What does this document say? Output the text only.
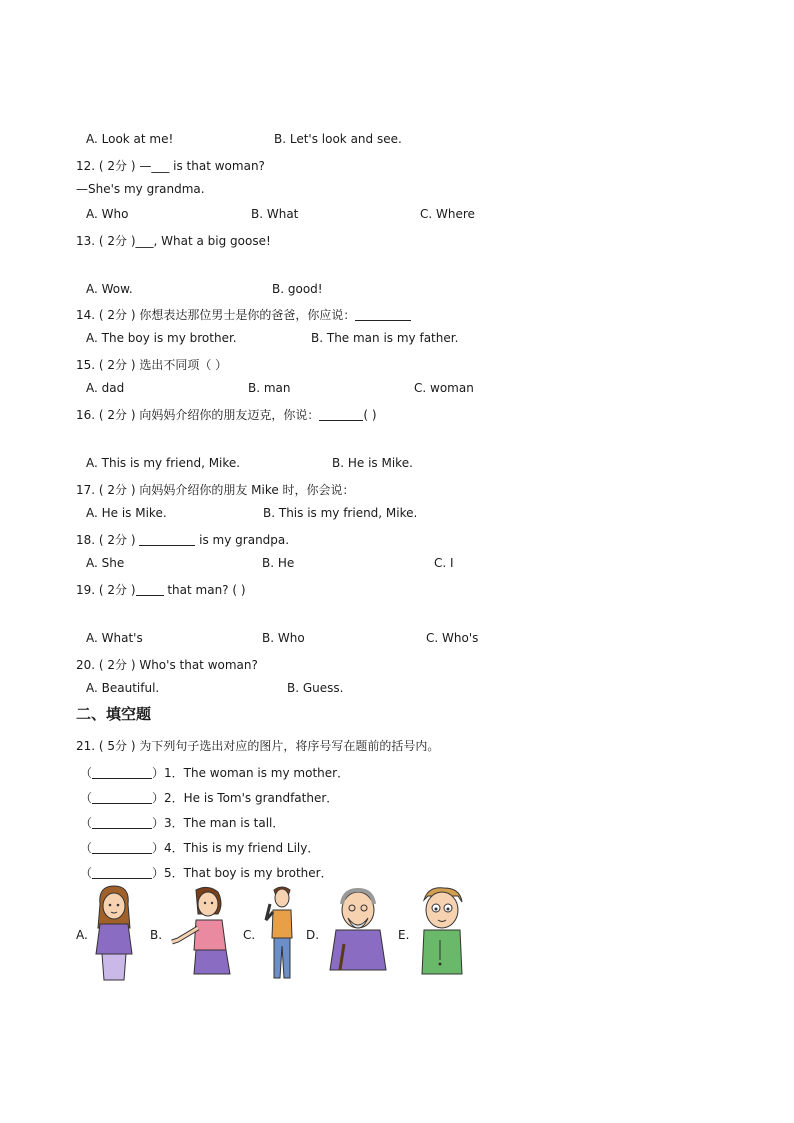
A. Look at me!	B. Let's look and see.
12. ( 2分 ) —___ is that woman?
—She's my grandma.
A. Who	B. What	C. Where
13. ( 2分 )___, What a big goose!
A. Wow.	B. good!
14. ( 2分 ) 你想表达那位男士是你的爸爸，你应说：
A. The boy is my brother.	B. The man is my father.
15. ( 2分 ) 选出不同项（ ）
A. dad	B. man	C. woman
16. ( 2分 ) 向妈妈介绍你的朋友迈克，你说：	( )
A. This is my friend, Mike.	B. He is Mike.
17. ( 2分 ) 向妈妈介绍你的朋友 Mike 时，你会说：
A. He is Mike.	B. This is my friend, Mike.
18. ( 2分 )	is my grandpa.
A. She	B. He	C. I
19. ( 2分 ) that man? ( )
A. What's	B. Who	C. Who's
20. ( 2分 ) Who's that woman?
A. Beautiful.	B. Guess.
二、填空题
21. ( 5分 ) 为下列句子选出对应的图片，将序号写在题前的括号内。
（	）1．The woman is my mother．
（	）2．He is Tom's grandfather．
（	）3．The man is tall．
（	）4．This is my friend Lily．
（	）5．That boy is my brother．
A.	B.	C.	D.	E.
